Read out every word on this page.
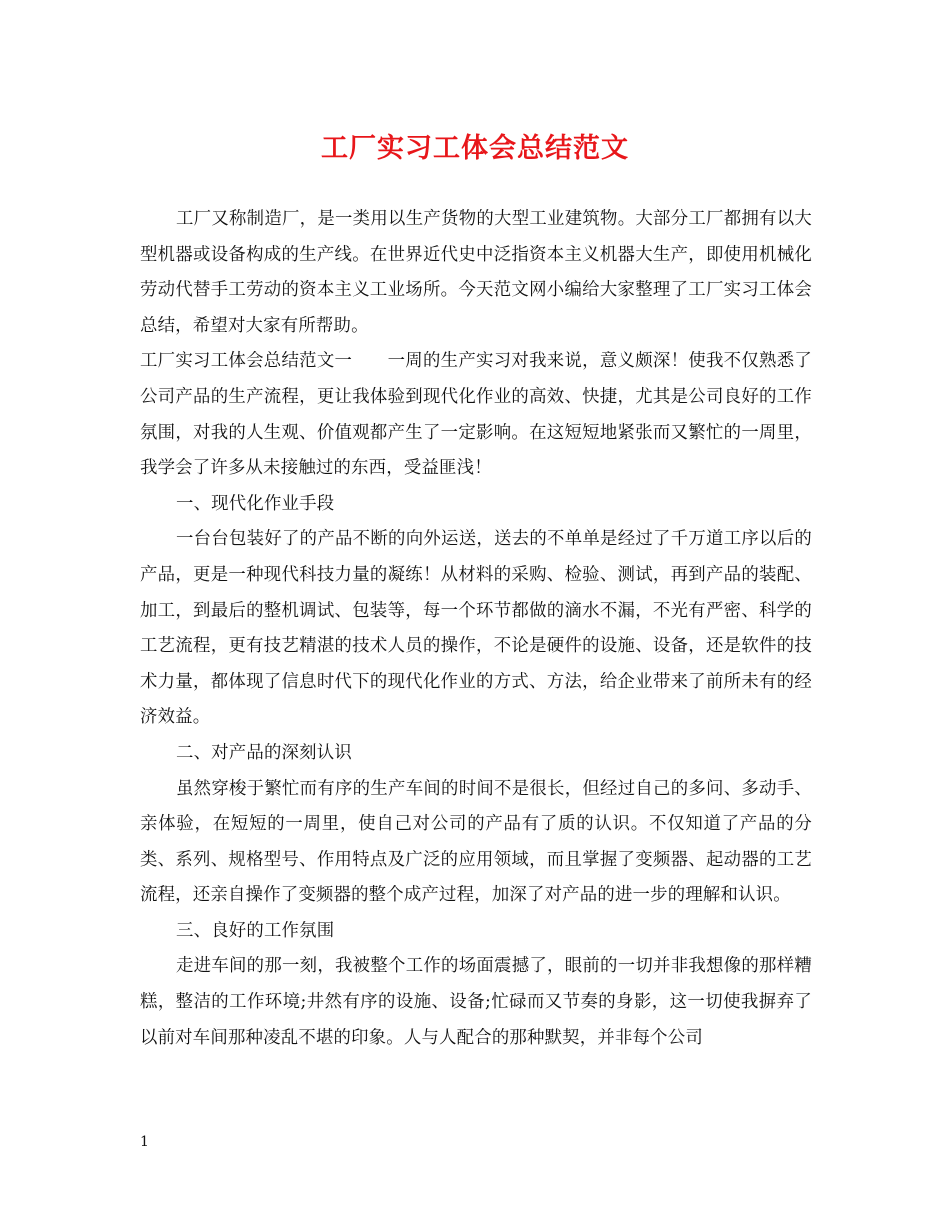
工厂实习工体会总结范文

工厂又称制造厂，是一类用以生产货物的大型工业建筑物。大部分工厂都拥有以大型机器或设备构成的生产线。在世界近代史中泛指资本主义机器大生产，即使用机械化劳动代替手工劳动的资本主义工业场所。今天范文网小编给大家整理了工厂实习工体会总结，希望对大家有所帮助。

工厂实习工体会总结范文一　　一周的生产实习对我来说，意义颇深！使我不仅熟悉了公司产品的生产流程，更让我体验到现代化作业的高效、快捷，尤其是公司良好的工作氛围，对我的人生观、价值观都产生了一定影响。在这短短地紧张而又繁忙的一周里，我学会了许多从未接触过的东西，受益匪浅！

一、现代化作业手段

一台台包装好了的产品不断的向外运送，送去的不单单是经过了千万道工序以后的产品，更是一种现代科技力量的凝练！从材料的采购、检验、测试，再到产品的装配、加工，到最后的整机调试、包装等，每一个环节都做的滴水不漏，不光有严密、科学的工艺流程，更有技艺精湛的技术人员的操作，不论是硬件的设施、设备，还是软件的技术力量，都体现了信息时代下的现代化作业的方式、方法，给企业带来了前所未有的经济效益。

二、对产品的深刻认识

虽然穿梭于繁忙而有序的生产车间的时间不是很长，但经过自己的多问、多动手、亲体验，在短短的一周里，使自己对公司的产品有了质的认识。不仅知道了产品的分类、系列、规格型号、作用特点及广泛的应用领域，而且掌握了变频器、起动器的工艺流程，还亲自操作了变频器的整个成产过程，加深了对产品的进一步的理解和认识。

三、良好的工作氛围

走进车间的那一刻，我被整个工作的场面震撼了，眼前的一切并非我想像的那样糟糕，整洁的工作环境;井然有序的设施、设备;忙碌而又节奏的身影，这一切使我摒弃了以前对车间那种凌乱不堪的印象。人与人配合的那种默契，并非每个公司

1
